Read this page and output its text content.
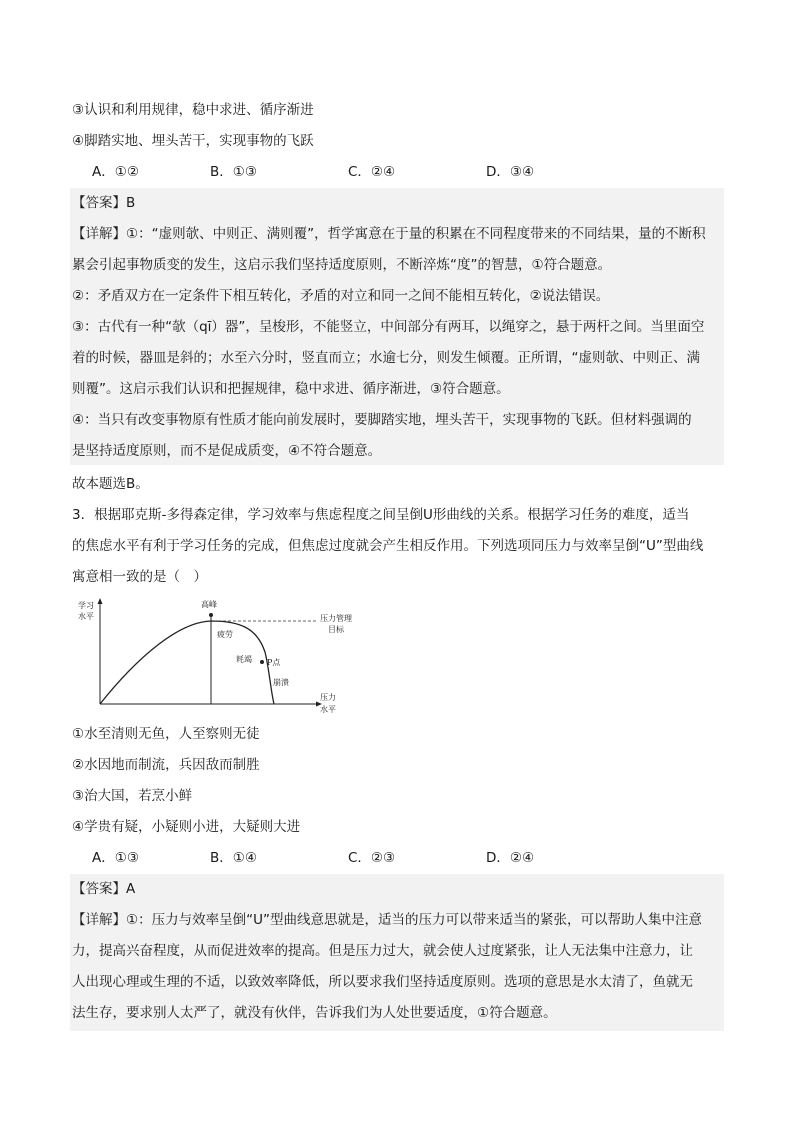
③认识和利用规律，稳中求进、循序渐进
④脚踏实地、埋头苦干，实现事物的飞跃
A．①②	B．①③	C．②④	D．③④
【答案】B
【详解】①：“虚则欹、中则正、满则覆”，哲学寓意在于量的积累在不同程度带来的不同结果，量的不断积
累会引起事物质变的发生，这启示我们坚持适度原则，不断淬炼“度”的智慧，①符合题意。
②：矛盾双方在一定条件下相互转化，矛盾的对立和同一之间不能相互转化，②说法错误。
③：古代有一种“欹（qī）器”，呈梭形，不能竖立，中间部分有两耳，以绳穿之，悬于两杆之间。当里面空
着的时候，器皿是斜的；水至六分时，竖直而立；水逾七分，则发生倾覆。正所谓，“虚则欹、中则正、满
则覆”。这启示我们认识和把握规律，稳中求进、循序渐进，③符合题意。
④：当只有改变事物原有性质才能向前发展时，要脚踏实地，埋头苦干，实现事物的飞跃。但材料强调的
是坚持适度原则，而不是促成质变，④不符合题意。
故本题选B。
3．根据耶克斯-多得森定律，学习效率与焦虑程度之间呈倒U形曲线的关系。根据学习任务的难度，适当
的焦虑水平有利于学习任务的完成，但焦虑过度就会产生相反作用。下列选项同压力与效率呈倒“U”型曲线
寓意相一致的是（　）
学习
水平
高峰
压力管理
目标
疲劳
耗竭 P点
崩溃
压力
水平
①水至清则无鱼，人至察则无徒
②水因地而制流，兵因敌而制胜
③治大国，若烹小鲜
④学贵有疑，小疑则小进，大疑则大进
A．①③	B．①④	C．②③	D．②④
【答案】A
【详解】①：压力与效率呈倒“U”型曲线意思就是，适当的压力可以带来适当的紧张，可以帮助人集中注意
力，提高兴奋程度，从而促进效率的提高。但是压力过大，就会使人过度紧张，让人无法集中注意力，让
人出现心理或生理的不适，以致效率降低，所以要求我们坚持适度原则。选项的意思是水太清了，鱼就无
法生存，要求别人太严了，就没有伙伴，告诉我们为人处世要适度，①符合题意。
